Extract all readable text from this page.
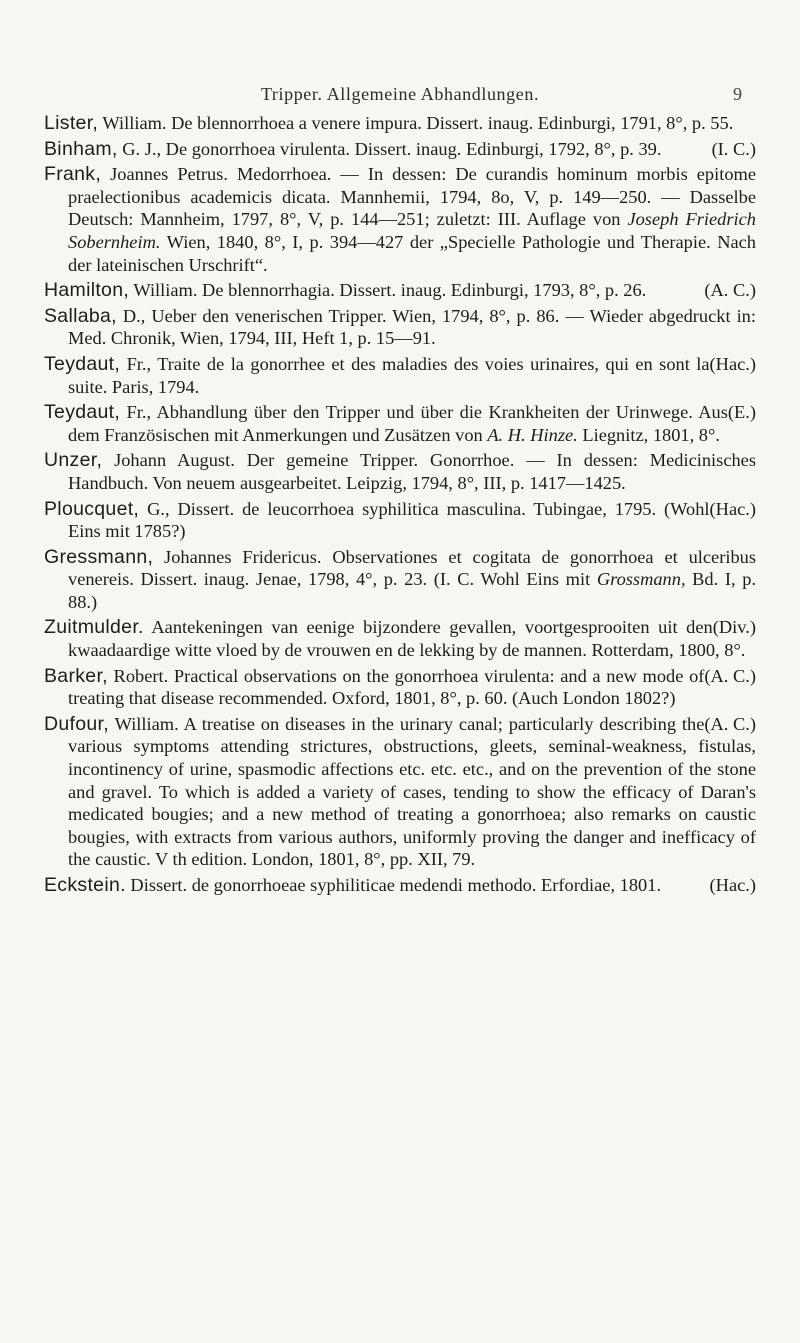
Tripper. Allgemeine Abhandlungen.	9

Lister, William. De blennorrhoea a venere impura. Dissert. inaug. Edinburgi, 1791, 8°, p. 55.

(I. C.)
Binham, G. J., De gonorrhoea virulenta. Dissert. inaug. Edinburgi, 1792, 8°, p. 39.

Frank, Joannes Petrus. Medorrhoea. — In dessen: De curandis hominum morbis epitome praelectionibus academicis dicata. Mannhemii, 1794, 8o, V, p. 149—250. — Dasselbe Deutsch: Mannheim, 1797, 8°, V, p. 144—251; zuletzt: III. Auflage von Joseph Friedrich Sobernheim. Wien, 1840, 8°, I, p. 394—427 der „Specielle Pathologie und Therapie. Nach der lateinischen Urschrift“.

(A. C.)
Hamilton, William. De blennorrhagia. Dissert. inaug. Edinburgi, 1793, 8°, p. 26.

Sallaba, D., Ueber den venerischen Tripper. Wien, 1794, 8°, p. 86. — Wieder abgedruckt in: Med. Chronik, Wien, 1794, III, Heft 1, p. 15—91.

(Hac.)
Teydaut, Fr., Traite de la gonorrhee et des maladies des voies urinaires, qui en sont la suite. Paris, 1794.

(E.)
Teydaut, Fr., Abhandlung über den Tripper und über die Krankheiten der Urinwege. Aus dem Französischen mit Anmerkungen und Zusätzen von A. H. Hinze. Liegnitz, 1801, 8°.

Unzer, Johann August. Der gemeine Tripper. Gonorrhoe. — In dessen: Medicinisches Handbuch. Von neuem ausgearbeitet. Leipzig, 1794, 8°, III, p. 1417—1425.

(Hac.)
Ploucquet, G., Dissert. de leucorrhoea syphilitica masculina. Tubingae, 1795. (Wohl Eins mit 1785?)

Gressmann, Johannes Fridericus. Observationes et cogitata de gonorrhoea et ulceribus venereis. Dissert. inaug. Jenae, 1798, 4°, p. 23. (I. C. Wohl Eins mit Grossmann, Bd. I, p. 88.)

(Div.)
Zuitmulder. Aantekeningen van eenige bijzondere gevallen, voortgesprooiten uit den kwaadaardige witte vloed by de vrouwen en de lekking by de mannen. Rotterdam, 1800, 8°.

(A. C.)
Barker, Robert. Practical observations on the gonorrhoea virulenta: and a new mode of treating that disease recommended. Oxford, 1801, 8°, p. 60. (Auch London 1802?)

(A. C.)
Dufour, William. A treatise on diseases in the urinary canal; particularly describing the various symptoms attending strictures, obstructions, gleets, seminal-weakness, fistulas, incontinency of urine, spasmodic affections etc. etc. etc., and on the prevention of the stone and gravel. To which is added a variety of cases, tending to show the efficacy of Daran's medicated bougies; and a new method of treating a gonorrhoea; also remarks on caustic bougies, with extracts from various authors, uniformly proving the danger and inefficacy of the caustic. V th edition. London, 1801, 8°, pp. XII, 79.

(Hac.)
Eckstein. Dissert. de gonorrhoeae syphiliticae medendi methodo. Erfordiae, 1801.
